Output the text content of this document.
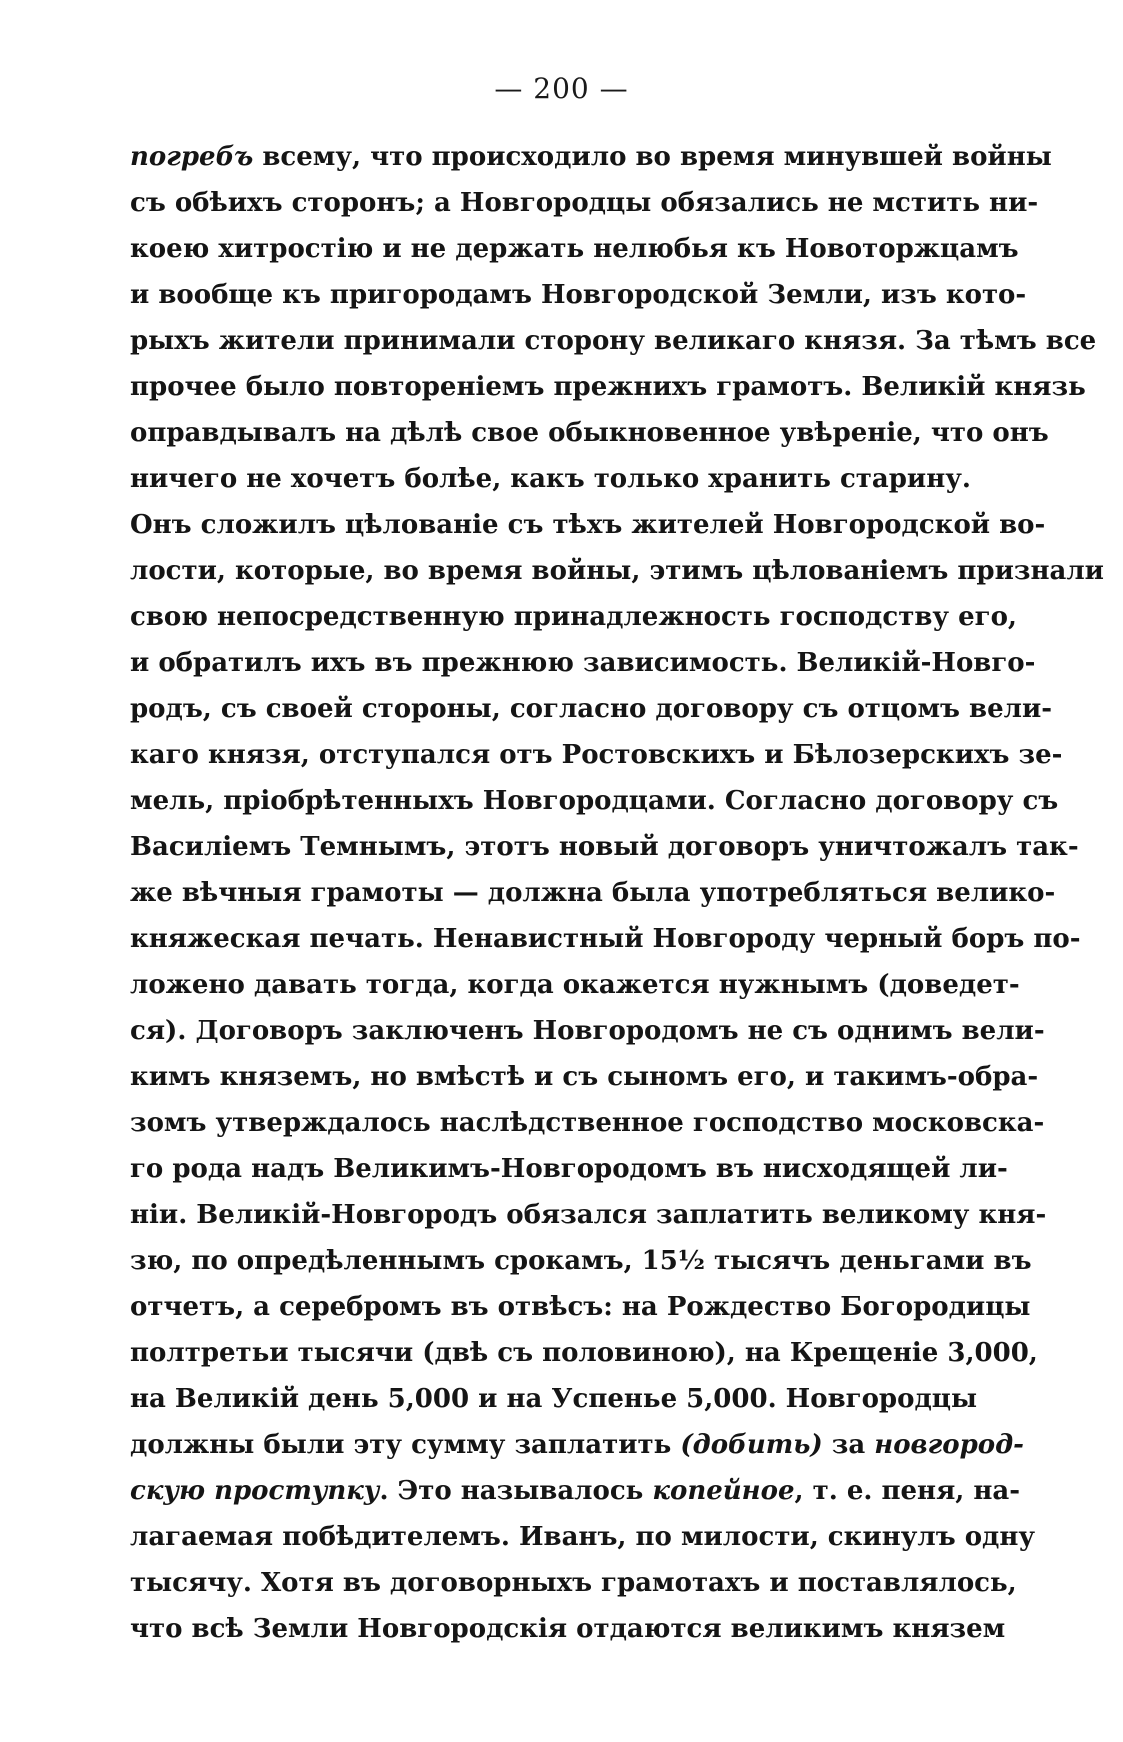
— 200 —
погребъ всему, что происходило во время минувшей войны
съ обѣихъ сторонъ; а Новгородцы обязались не мстить ни-
коею хитростію и не держать нелюбья къ Новоторжцамъ
и вообще къ пригородамъ Новгородской Земли, изъ кото-
рыхъ жители принимали сторону великаго князя. За тѣмъ все
прочее было повтореніемъ прежнихъ грамотъ. Великій князь
оправдывалъ на дѣлѣ свое обыкновенное увѣреніе, что онъ
ничего не хочетъ болѣе, какъ только хранить старину.
Онъ сложилъ цѣлованіе съ тѣхъ жителей Новгородской во-
лости, которые, во время войны, этимъ цѣлованіемъ признали
свою непосредственную принадлежность господству его,
и обратилъ ихъ въ прежнюю зависимость. Великій-Новго-
родъ, съ своей стороны, согласно договору съ отцомъ вели-
каго князя, отступался отъ Ростовскихъ и Бѣлозерскихъ зе-
мель, пріобрѣтенныхъ Новгородцами. Согласно договору съ
Василіемъ Темнымъ, этотъ новый договоръ уничтожалъ так-
же вѣчныя грамоты — должна была употребляться велико-
княжеская печать. Ненавистный Новгороду черный боръ по-
ложено давать тогда, когда окажется нужнымъ (доведет-
ся). Договоръ заключенъ Новгородомъ не съ однимъ вели-
кимъ княземъ, но вмѣстѣ и съ сыномъ его, и такимъ-обра-
зомъ утверждалось наслѣдственное господство московска-
го рода надъ Великимъ-Новгородомъ въ нисходящей ли-
ніи. Великій-Новгородъ обязался заплатить великому кня-
зю, по опредѣленнымъ срокамъ, 15½ тысячъ деньгами въ
отчетъ, а серебромъ въ отвѣсъ: на Рождество Богородицы
полтретьи тысячи (двѣ съ половиною), на Крещеніе 3,000,
на Великій день 5,000 и на Успенье 5,000. Новгородцы
должны были эту сумму заплатить (добить) за новгород-
скую проступку. Это называлось копейное, т. е. пеня, на-
лагаемая побѣдителемъ. Иванъ, по милости, скинулъ одну
тысячу. Хотя въ договорныхъ грамотахъ и поставлялось,
что всѣ Земли Новгородскія отдаются великимъ князем
